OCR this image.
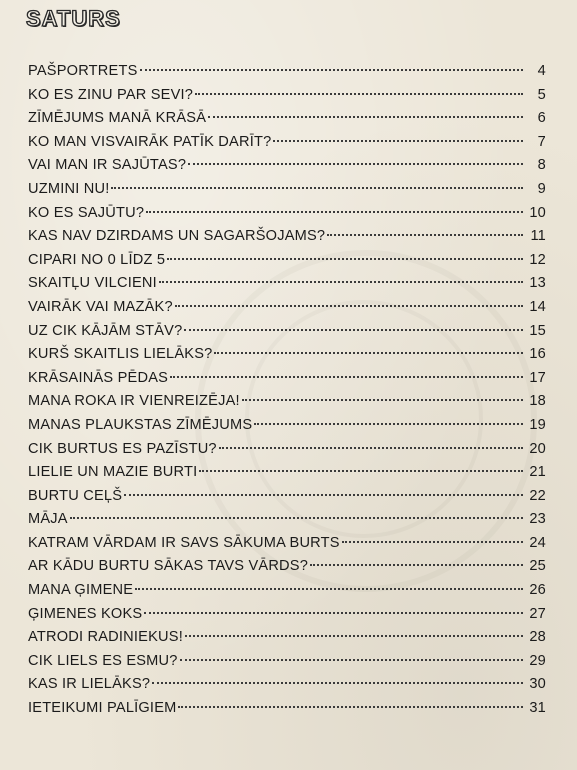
SATURS
PAŠPORTRETS	4
KO ES ZINU PAR SEVI?	5
ZĪMĒJUMS MANĀ KRĀSĀ	6
KO MAN VISVAIRĀK PATĪK DARĪT?	7
VAI MAN IR SAJŪTAS?	8
UZMINI NU!	9
KO ES SAJŪTU?	10
KAS NAV DZIRDAMS UN SAGARŠOJAMS?	11
CIPARI NO 0 LĪDZ 5	12
SKAITĻU VILCIENI	13
VAIRĀK VAI MAZĀK?	14
UZ CIK KĀJĀM STĀV?	15
KURŠ SKAITLIS LIELĀKS?	16
KRĀSAINĀS PĒDAS	17
MANA ROKA IR VIENREIZĒJA!	18
MANAS PLAUKSTAS ZĪMĒJUMS	19
CIK BURTUS ES PAZĪSTU?	20
LIELIE UN MAZIE BURTI	21
BURTU CEĻŠ	22
MĀJA	23
KATRAM VĀRDAM IR SAVS SĀKUMA BURTS	24
AR KĀDU BURTU SĀKAS TAVS VĀRDS?	25
MANA ĢIMENE	26
ĢIMENES KOKS	27
ATRODI RADINIEKUS!	28
CIK LIELS ES ESMU?	29
KAS IR LIELĀKS?	30
IETEIKUMI PALĪGIEM	31
